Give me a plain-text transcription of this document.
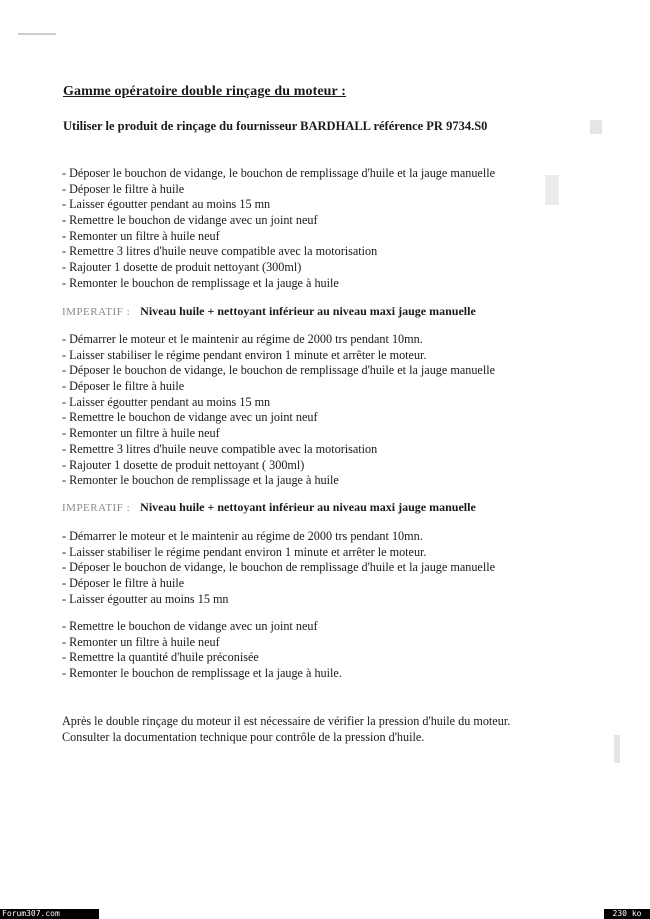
Gamme opératoire double rinçage du moteur :
Utiliser le produit de rinçage du fournisseur BARDHALL référence PR 9734.S0
- Déposer le bouchon de vidange, le bouchon de remplissage d'huile et la jauge manuelle
- Déposer le filtre à huile
- Laisser égoutter pendant au moins 15 mn
- Remettre le bouchon de vidange avec un joint neuf
- Remonter un filtre à huile neuf
- Remettre 3 litres d'huile neuve compatible avec la motorisation
- Rajouter 1 dosette de produit nettoyant (300ml)
- Remonter le bouchon de remplissage et la jauge à huile
IMPERATIF : Niveau huile + nettoyant inférieur au niveau maxi jauge manuelle
- Démarrer le moteur et le maintenir au régime de 2000 trs pendant 10mn.
- Laisser stabiliser le régime pendant environ 1 minute et arrêter le moteur.
- Déposer le bouchon de vidange, le bouchon de remplissage d'huile et la jauge manuelle
- Déposer le filtre à huile
- Laisser égoutter pendant au moins 15 mn
- Remettre le bouchon de vidange avec un joint neuf
- Remonter un filtre à huile neuf
- Remettre 3 litres d'huile neuve compatible avec la motorisation
- Rajouter 1 dosette de produit nettoyant ( 300ml)
- Remonter le bouchon de remplissage et la jauge à huile
IMPERATIF : Niveau huile + nettoyant inférieur au niveau maxi jauge manuelle
- Démarrer le moteur et le maintenir au régime de 2000 trs pendant 10mn.
- Laisser stabiliser le régime pendant environ 1 minute et arrêter le moteur.
- Déposer le bouchon de vidange, le bouchon de remplissage d'huile et la jauge manuelle
- Déposer le filtre à huile
- Laisser égoutter au moins 15 mn
- Remettre le bouchon de vidange avec un joint neuf
- Remonter un filtre à huile neuf
- Remettre la quantité d'huile préconisée
- Remonter le bouchon de remplissage et la jauge à huile.
Après le double rinçage du moteur il est nécessaire de vérifier la pression d'huile du moteur.
Consulter la documentation technique pour contrôle de la pression d'huile.
Forum307.com	230 ko
